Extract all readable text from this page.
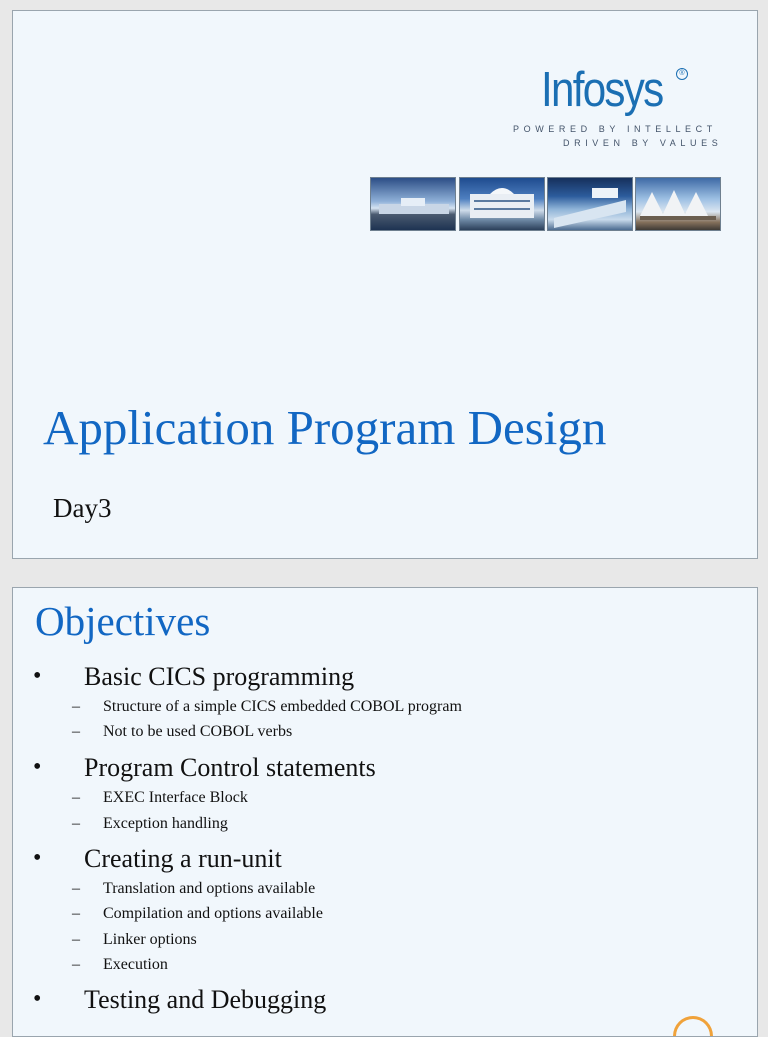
Infosys	®
POWERED BY INTELLECT
DRIVEN BY VALUES
Application Program Design
Day3
Objectives
• Basic CICS programming
– Structure of a simple CICS embedded COBOL program
– Not to be used COBOL verbs
• Program Control statements
– EXEC Interface Block
– Exception handling
• Creating a run-unit
– Translation and options available
– Compilation and options available
– Linker options
– Execution
• Testing and Debugging
